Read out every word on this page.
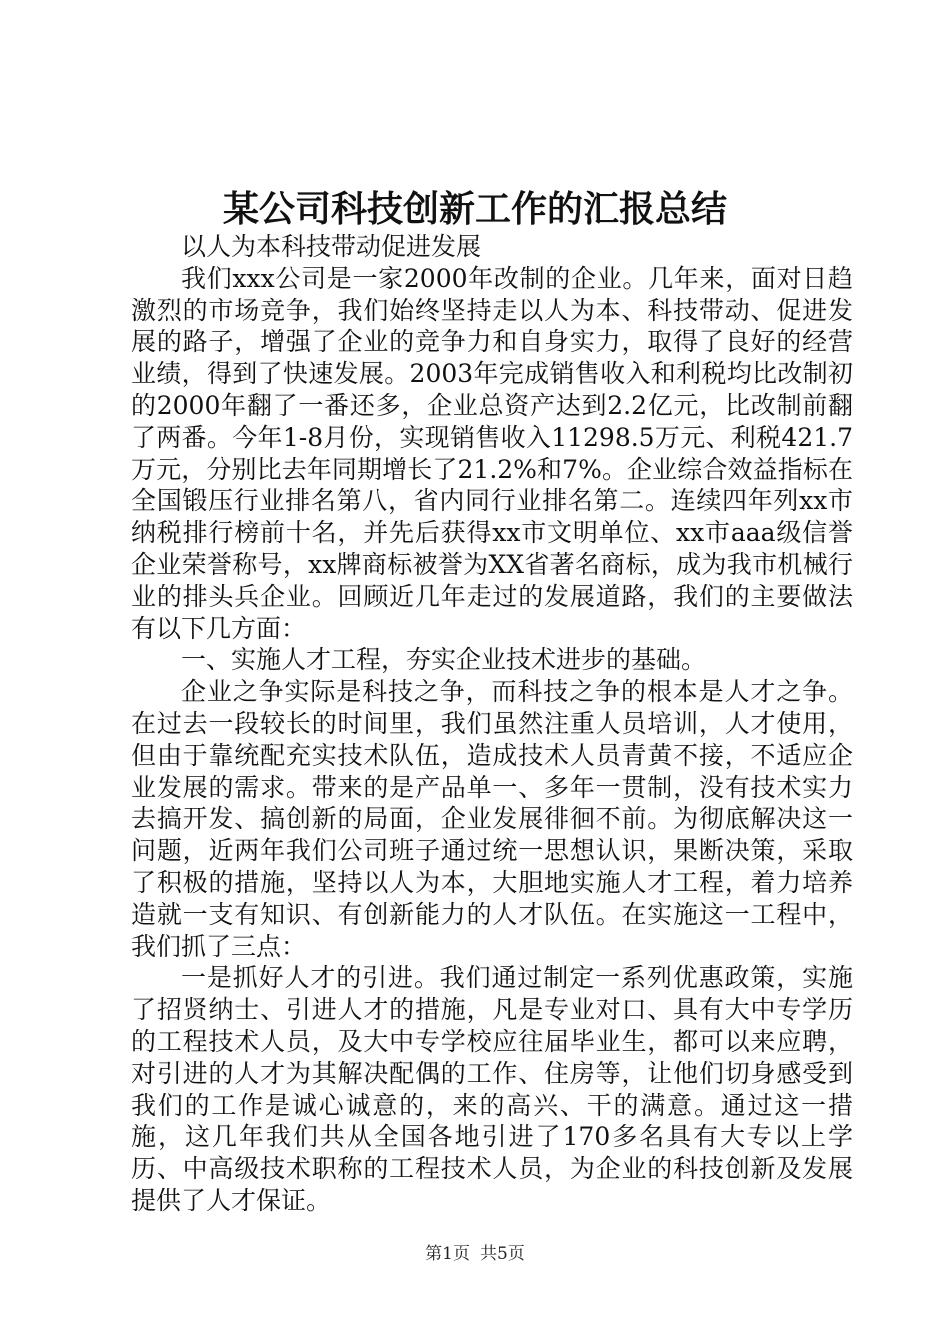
某公司科技创新工作的汇报总结

以人为本科技带动促进发展

我们xxx公司是一家2000年改制的企业。几年来，面对日趋激烈的市场竞争，我们始终坚持走以人为本、科技带动、促进发展的路子，增强了企业的竞争力和自身实力，取得了良好的经营业绩，得到了快速发展。2003年完成销售收入和利税均比改制初的2000年翻了一番还多，企业总资产达到2.2亿元，比改制前翻了两番。今年1-8月份，实现销售收入11298.5万元、利税421.7万元，分别比去年同期增长了21.2%和7%。企业综合效益指标在全国锻压行业排名第八，省内同行业排名第二。连续四年列xx市纳税排行榜前十名，并先后获得xx市文明单位、xx市aaa级信誉企业荣誉称号，xx牌商标被誉为XX省著名商标，成为我市机械行业的排头兵企业。回顾近几年走过的发展道路，我们的主要做法有以下几方面：

一、实施人才工程，夯实企业技术进步的基础。

企业之争实际是科技之争，而科技之争的根本是人才之争。在过去一段较长的时间里，我们虽然注重人员培训，人才使用，但由于靠统配充实技术队伍，造成技术人员青黄不接，不适应企业发展的需求。带来的是产品单一、多年一贯制，没有技术实力去搞开发、搞创新的局面，企业发展徘徊不前。为彻底解决这一问题，近两年我们公司班子通过统一思想认识，果断决策，采取了积极的措施，坚持以人为本，大胆地实施人才工程，着力培养造就一支有知识、有创新能力的人才队伍。在实施这一工程中，我们抓了三点：

一是抓好人才的引进。我们通过制定一系列优惠政策，实施了招贤纳士、引进人才的措施，凡是专业对口、具有大中专学历的工程技术人员，及大中专学校应往届毕业生，都可以来应聘，对引进的人才为其解决配偶的工作、住房等，让他们切身感受到我们的工作是诚心诚意的，来的高兴、干的满意。通过这一措施，这几年我们共从全国各地引进了170多名具有大专以上学历、中高级技术职称的工程技术人员，为企业的科技创新及发展提供了人才保证。

第1页 共5页
